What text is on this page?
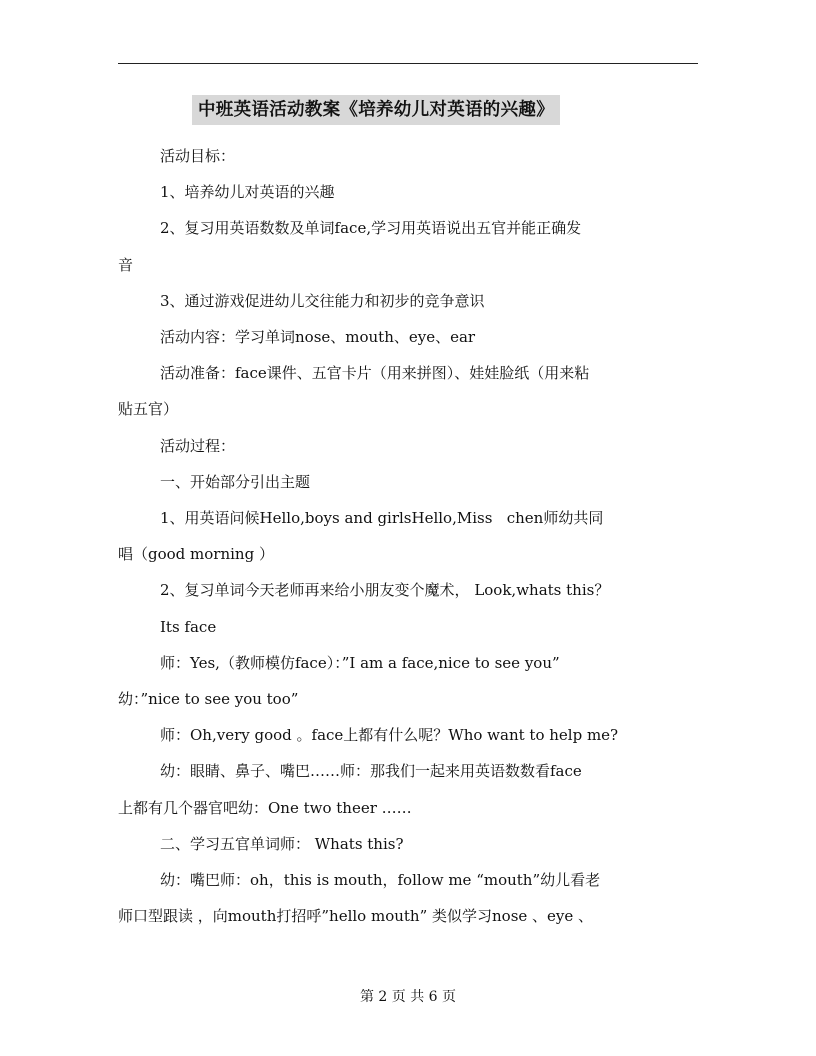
中班英语活动教案《培养幼儿对英语的兴趣》

活动目标：

1、培养幼儿对英语的兴趣

2、复习用英语数数及单词face,学习用英语说出五官并能正确发

音

3、通过游戏促进幼儿交往能力和初步的竞争意识

活动内容：学习单词nose、mouth、eye、ear

活动准备：face课件、五官卡片（用来拼图）、娃娃脸纸（用来粘

贴五官）

活动过程：

一、开始部分引出主题

1、用英语问候Hello,boys and girlsHello,Miss   chen师幼共同

唱（good morning ）

2、复习单词今天老师再来给小朋友变个魔术， Look,whats this？

Its face

师：Yes,（教师模仿face）：”I am a face,nice to see you”

幼：”nice to see you too”

师：Oh,very good 。face上都有什么呢？Who want to help me?

幼：眼睛、鼻子、嘴巴……师：那我们一起来用英语数数看face

上都有几个器官吧幼：One two theer ……

二、学习五官单词师： Whats this?

幼：嘴巴师：oh，this is mouth，follow me “mouth”幼儿看老

师口型跟读 ，向mouth打招呼”hello mouth” 类似学习nose 、eye 、

第 2 页 共 6 页
